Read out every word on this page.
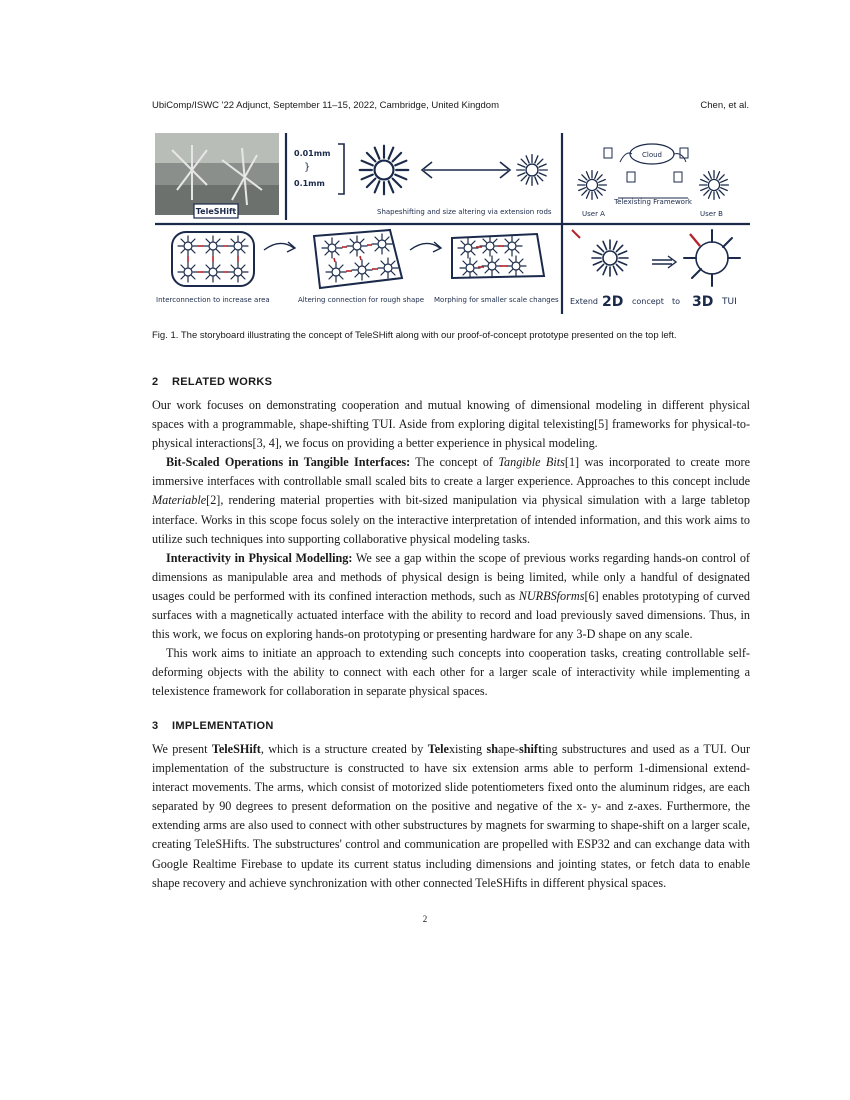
UbiComp/ISWC '22 Adjunct, September 11–15, 2022, Cambridge, United Kingdom	Chen, et al.
TeleSHift
0.01mm
}
0.1mm
Shapeshifting and size altering via extension rods
Cloud
Telexisting Framework
User A	User B
Interconnection to increase area	Altering connection for rough shape Morphing for smaller scale changes Extend 2D concept to 3D TUI
Fig. 1. The storyboard illustrating the concept of TeleSHift along with our proof-of-concept prototype presented on the top left.
2 RELATED WORKS

Our work focuses on demonstrating cooperation and mutual knowing of dimensional modeling in different physical spaces with a programmable, shape-shifting TUI. Aside from exploring digital telexisting[5] frameworks for physical-to-physical interactions[3, 4], we focus on providing a better experience in physical modeling.

Bit-Scaled Operations in Tangible Interfaces: The concept of Tangible Bits[1] was incorporated to create more immersive interfaces with controllable small scaled bits to create a larger experience. Approaches to this concept include Materiable[2], rendering material properties with bit-sized manipulation via physical simulation with a large tabletop interface. Works in this scope focus solely on the interactive interpretation of intended information, and this work aims to utilize such techniques into supporting collaborative physical modeling tasks.

Interactivity in Physical Modelling: We see a gap within the scope of previous works regarding hands-on control of dimensions as manipulable area and methods of physical design is being limited, while only a handful of designated usages could be performed with its confined interaction methods, such as NURBSforms[6] enables prototyping of curved surfaces with a magnetically actuated interface with the ability to record and load previously saved dimensions. Thus, in this work, we focus on exploring hands-on prototyping or presenting hardware for any 3-D shape on any scale.

This work aims to initiate an approach to extending such concepts into cooperation tasks, creating controllable self-deforming objects with the ability to connect with each other for a larger scale of interactivity while implementing a telexistence framework for collaboration in separate physical spaces.

3 IMPLEMENTATION

We present TeleSHift, which is a structure created by Telexisting shape-shifting substructures and used as a TUI. Our implementation of the substructure is constructed to have six extension arms able to perform 1-dimensional extend-interact movements. The arms, which consist of motorized slide potentiometers fixed onto the aluminum ridges, are each separated by 90 degrees to present deformation on the positive and negative of the x- y- and z-axes. Furthermore, the extending arms are also used to connect with other substructures by magnets for swarming to shape-shift on a larger scale, creating TeleSHifts. The substructures' control and communication are propelled with ESP32 and can exchange data with Google Realtime Firebase to update its current status including dimensions and jointing states, or fetch data to enable shape recovery and achieve synchronization with other connected TeleSHifts in different physical spaces.

2
